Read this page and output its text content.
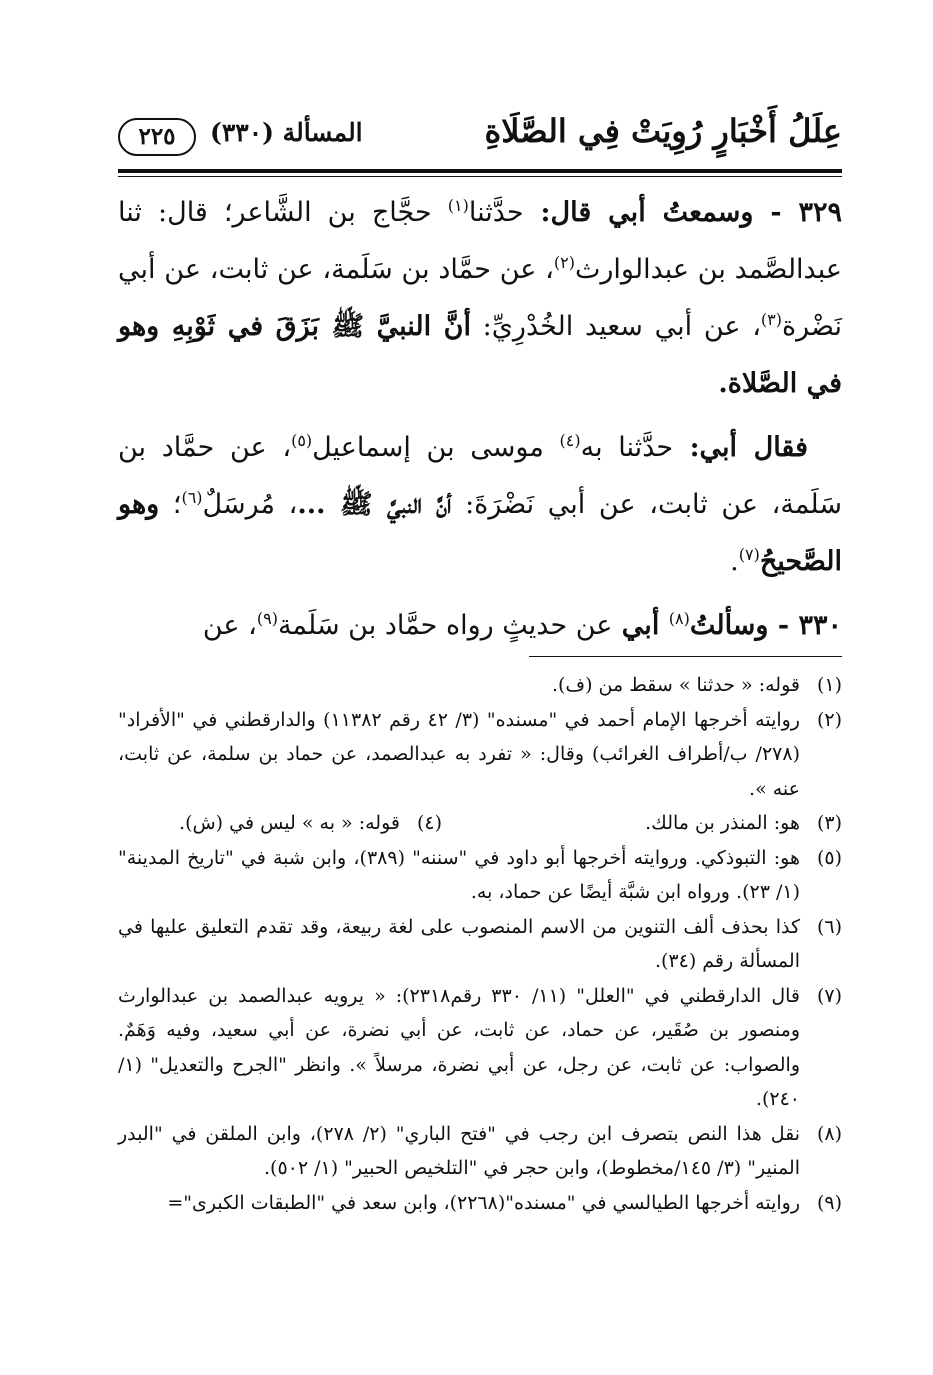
عِلَلُ أَخْبَارٍ رُوِيَتْ فِي الصَّلَاةِ
المسألة (٣٣٠)
٢٢٥

٣٢٩ - وسمعتُ أبي قال: حدَّثنا$^{(١)}$ حجَّاج بن الشَّاعر؛ قال: ثنا عبدالصَّمد بن عبدالوارث$^{(٢)}$، عن حمَّاد بن سَلَمة، عن ثابت، عن أبي نَضْرة$^{(٣)}$، عن أبي سعيد الخُدْرِيِّ: أنَّ النبيَّ ﷺ بَزَقَ في ثَوْبِهِ وهو في الصَّلاة.

فقال أبي: حدَّثنا به$^{(٤)}$ موسى بن إسماعيل$^{(٥)}$، عن حمَّاد بن سَلَمة، عن ثابت، عن أبي نَضْرَةَ: أنَّ النبيَّ ﷺ ...، مُرسَلٌ$^{(٦)}$؛ وهو الصَّحيحُ$^{(٧)}$.

٣٣٠ - وسألتُ$^{(٨)}$ أبي عن حديثٍ رواه حمَّاد بن سَلَمة$^{(٩)}$، عن

(١)
قوله: « حدثنا » سقط من (ف).
(٢)
روايته أخرجها الإمام أحمد في "مسنده" (٣/ ٤٢ رقم ١١٣٨٢) والدارقطني في "الأفراد" (٢٧٨/ ب/أطراف الغرائب) وقال: « تفرد به عبدالصمد، عن حماد بن سلمة، عن ثابت، عنه ».
(٣)
هو: المنذر بن مالك.
(٤)
قوله: « به » ليس في (ش).
(٥)
هو: التبوذكي. وروايته أخرجها أبو داود في "سننه" (٣٨٩)، وابن شبة في "تاريخ المدينة" (١/ ٢٣). ورواه ابن شبَّة أيضًا عن حماد، به.
(٦)
كذا بحذف ألف التنوين من الاسم المنصوب على لغة ربيعة، وقد تقدم التعليق عليها في المسألة رقم (٣٤).
(٧)
قال الدارقطني في "العلل" (١١/ ٣٣٠ رقم٢٣١٨): « يرويه عبدالصمد بن عبدالوارث ومنصور بن صُقَير، عن حماد، عن ثابت، عن أبي نضرة، عن أبي سعيد، وفيه وَهَمٌ. والصواب: عن ثابت، عن رجل، عن أبي نضرة، مرسلاً ». وانظر "الجرح والتعديل" (١/ ٢٤٠).
(٨)
نقل هذا النص بتصرف ابن رجب في "فتح الباري" (٢/ ٢٧٨)، وابن الملقن في "البدر المنير" (٣/ ١٤٥/مخطوط)، وابن حجر في "التلخيص الحبير" (١/ ٥٠٢).
(٩)
روايته أخرجها الطيالسي في "مسنده"(٢٢٦٨)، وابن سعد في "الطبقات الكبرى"=
